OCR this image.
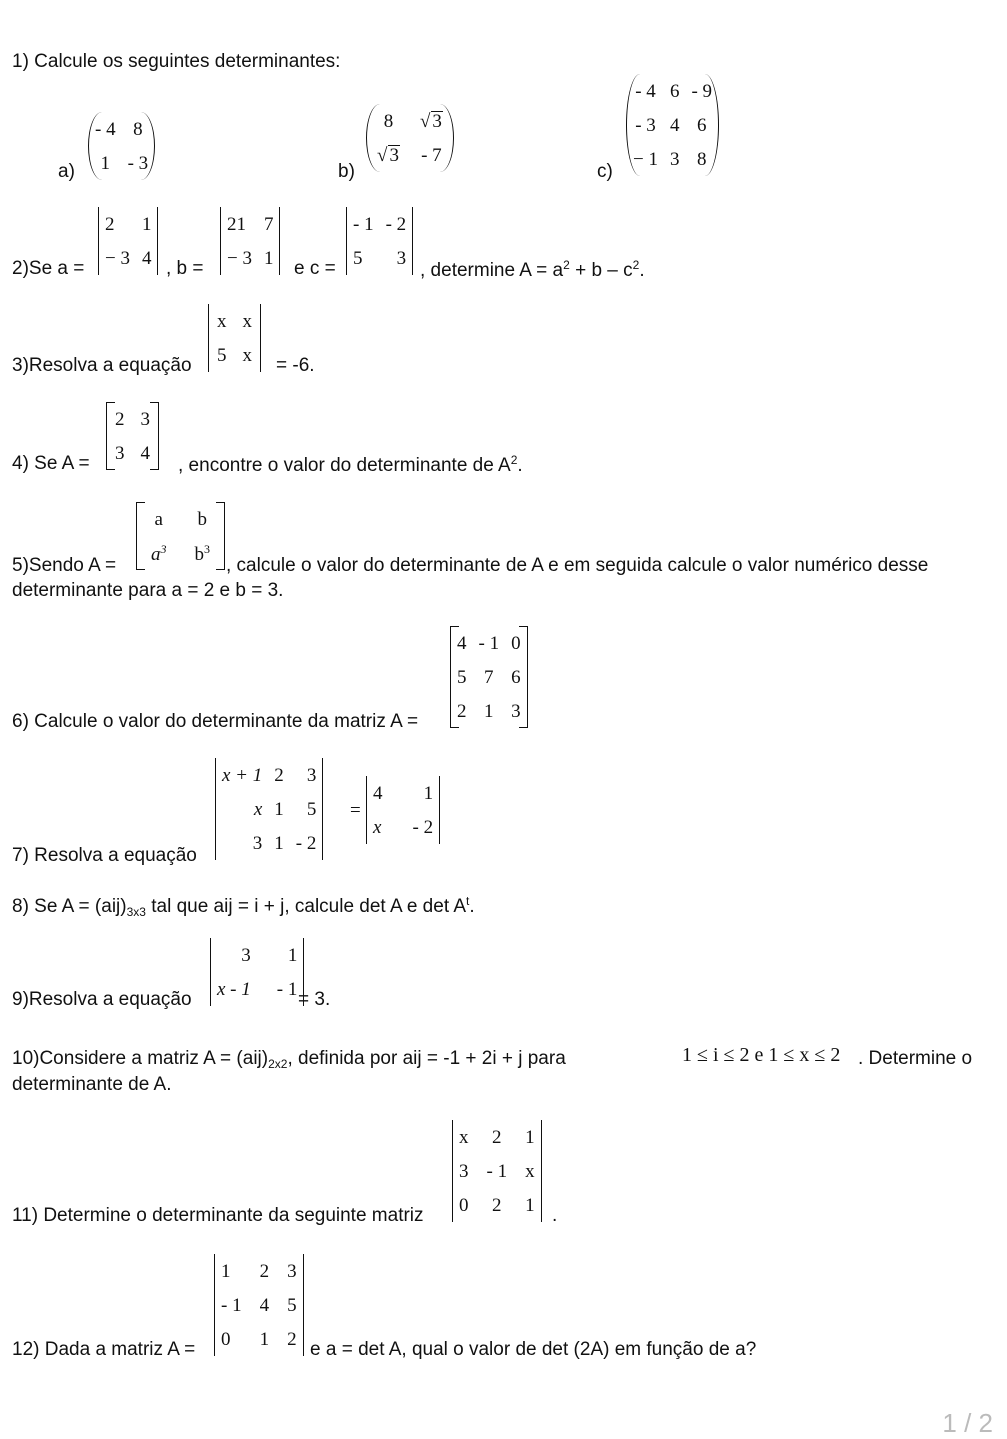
1) Calcule os seguintes determinantes:
a)
- 4	8
1	- 3	b)
8	√ 3
√ 3	- 7
c)
- 4	6	- 9
- 3	4	6
− 1	3	8
2)Se a =
2	1
− 3	4 , b =
21	7
− 3	1 e c =
- 1	- 2
5	3
, determine $A = a^2 + b - c^2$.
3)Resolva a equação
x	x
5	x = -6.
4) Se A =
2	3
3	4
, encontre o valor do determinante de $A^2$.
5)Sendo A =
a	b
$a^3$	$b^3$
, calcule o valor do determinante de A e em seguida calcule o valor numérico desse
determinante para a = 2 e b = 3.
6) Calcule o valor do determinante da matriz A =
4	- 1	0
5	7	6
2	1	3
7) Resolva a equação
x + 1	2	3
x	1	5
3	1	- 2
=
4	1
x	- 2
8) Se $A = (aij)_{3x3}$ tal que aij = i + j, calcule det A e $\det A^t$.
9)Resolva a equação
3	1
x - 1	- 1 = 3.
10)Considere a matriz $A = (aij)_{2x2}$, definida por aij = -1 + 2i + j para	1 ≤ i ≤ 2 e 1 ≤ x ≤ 2 . Determine o
determinante de A.
11) Determine o determinante da seguinte matriz
x	2	1
3	- 1	x
0	2	1 .
12) Dada a matriz A =
1	2	3
- 1	4	5
0	1	2 e a = det A, qual o valor de det (2A) em função de a?
1 / 2
